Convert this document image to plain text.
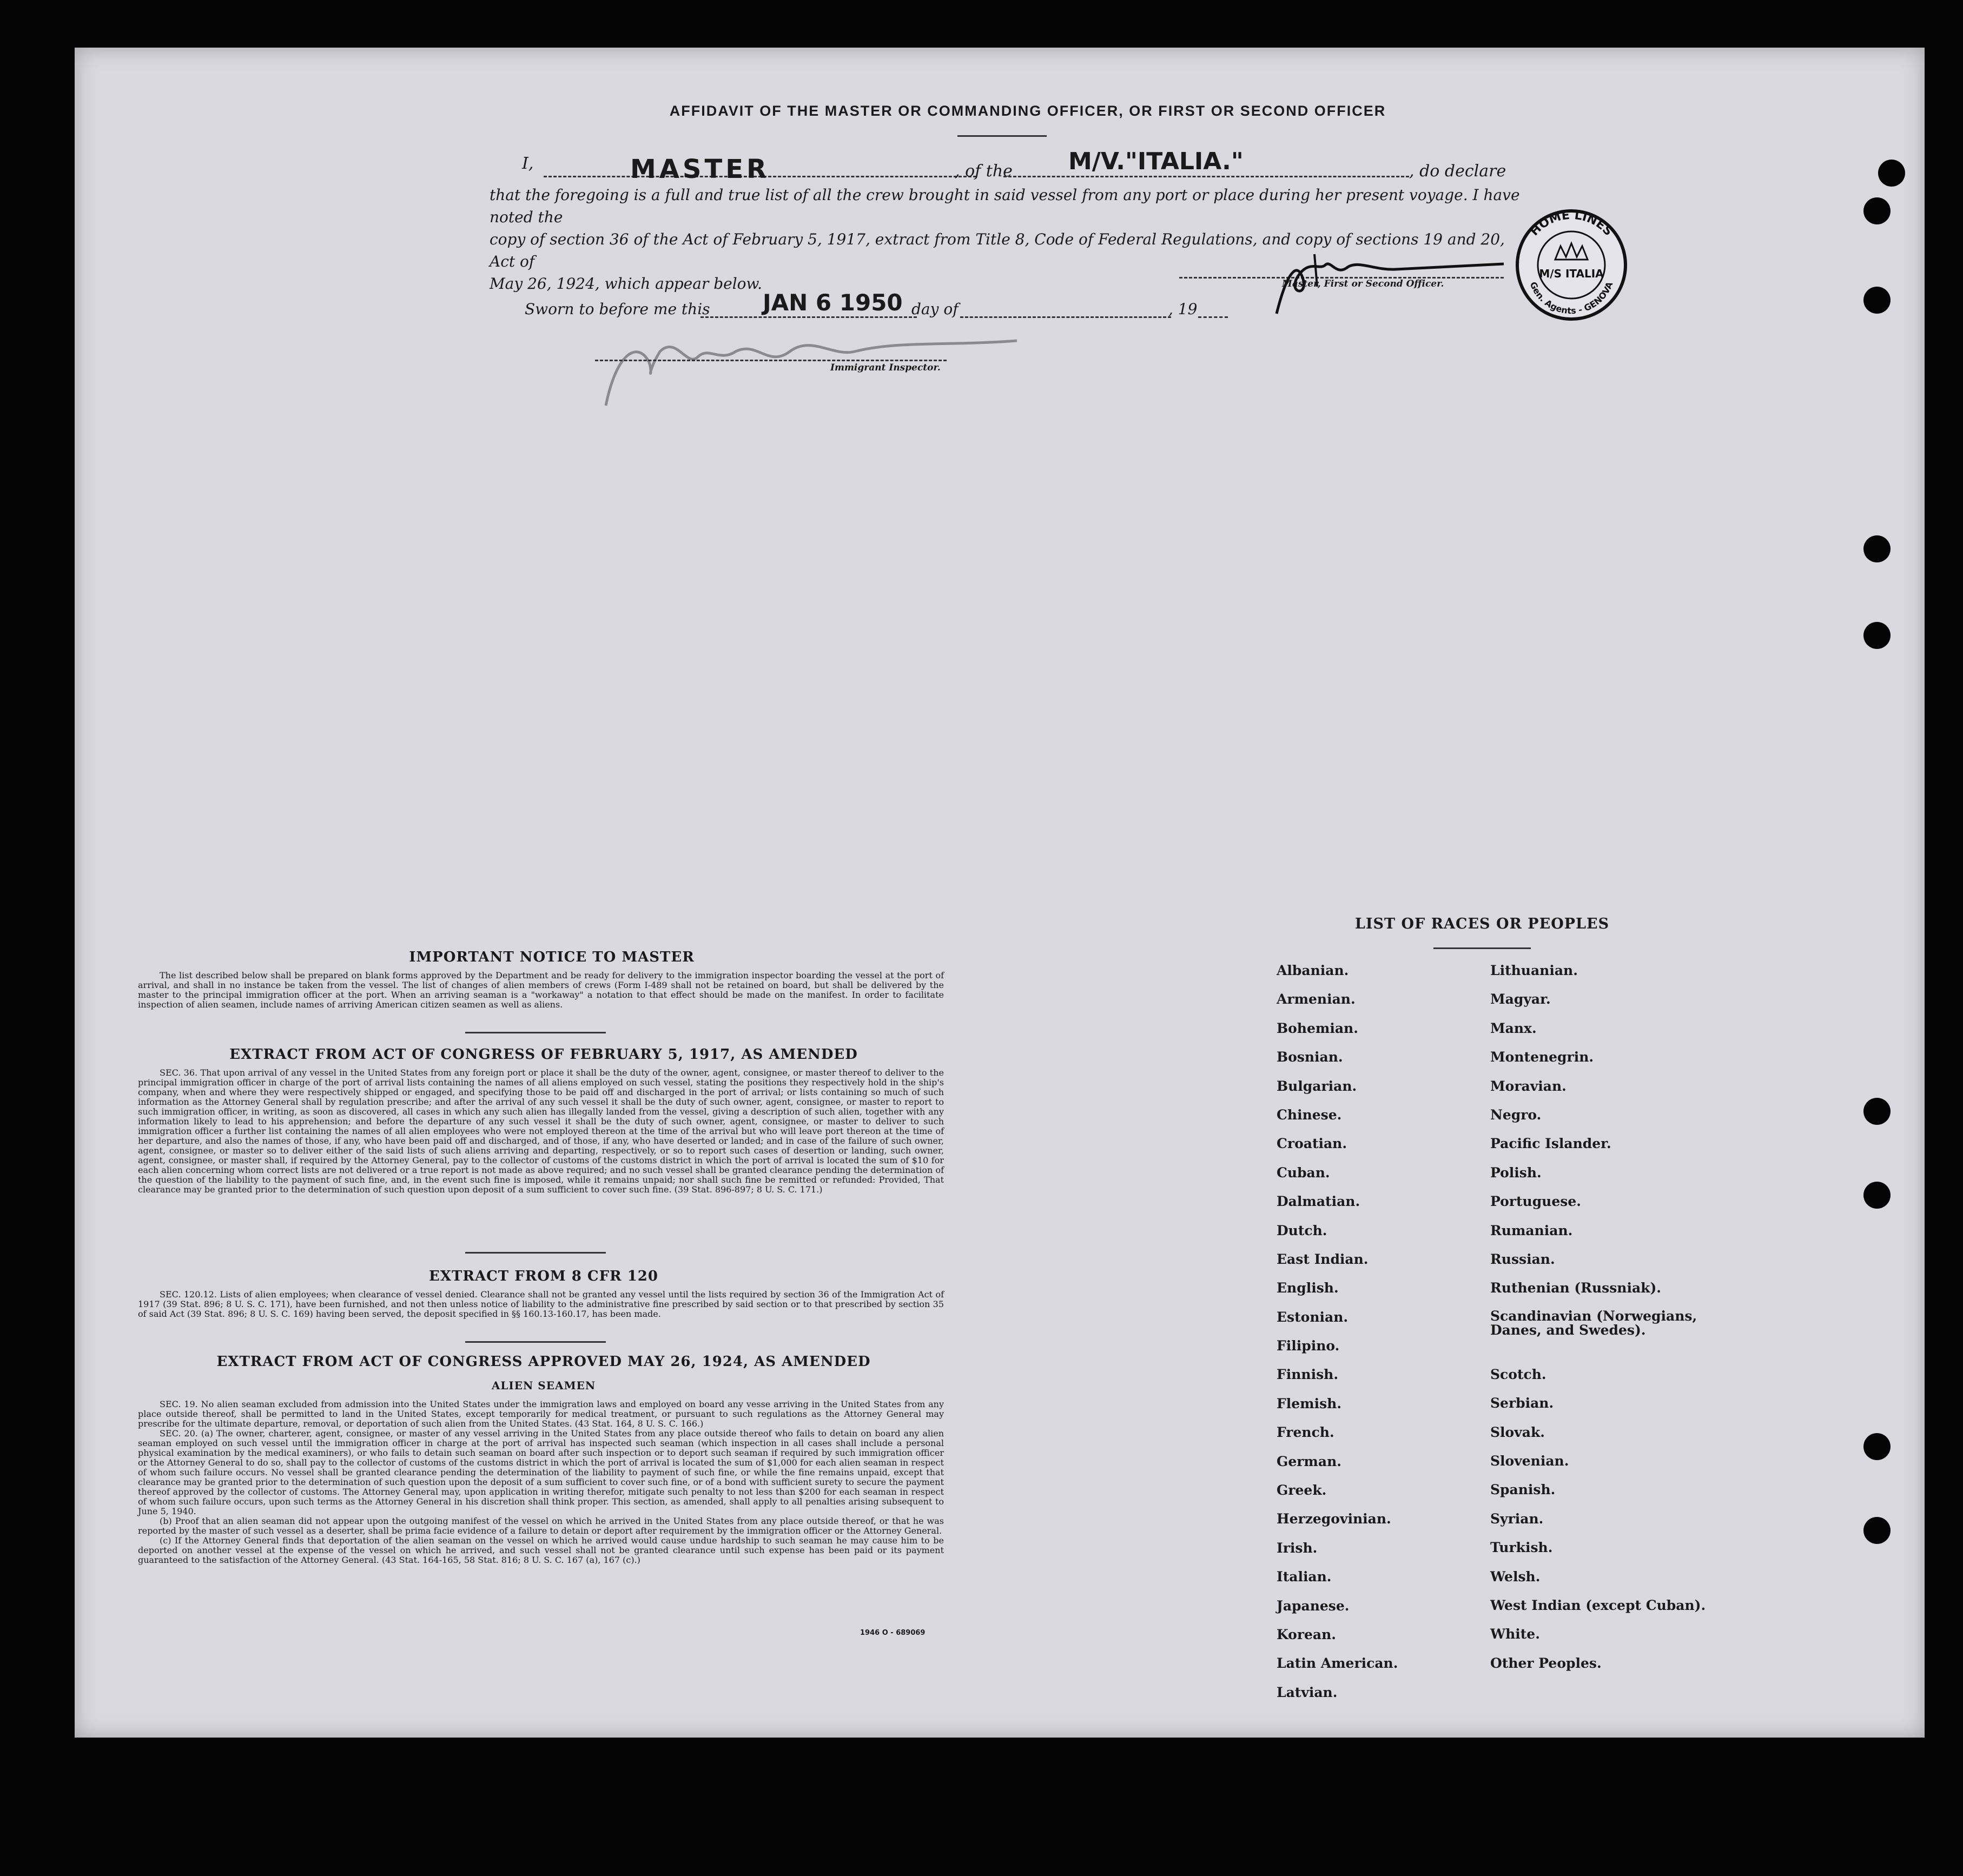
AFFIDAVIT OF THE MASTER OR COMMANDING OFFICER, OR FIRST OR SECOND OFFICER
I,	MASTER	, of the M/V."ITALIA."	, do declare
that the foregoing is a full and true list of all the crew brought in said vessel from any port or place during her present voyage. I have noted the
copy of section 36 of the Act of February 5, 1917, extract from Title 8, Code of Federal Regulations, and copy of sections 19 and 20, Act of
May 26, 1924, which appear below.	Master, First or Second Officer.
HOME LINES
Gen. Agents - GENOVA
M/S ITALIA
Sworn to before me this JAN 6 1950 day of	, 19
Immigrant Inspector.
IMPORTANT NOTICE TO MASTER

The list described below shall be prepared on blank forms approved by the Department and be ready for delivery to the immigration inspector boarding the vessel at the port of arrival, and shall in no instance be taken from the vessel. The list of changes of alien members of crews (Form I-489 shall not be retained on board, but shall be delivered by the master to the principal immigration officer at the port. When an arriving seaman is a "workaway" a notation to that effect should be made on the manifest. In order to facilitate inspection of alien seamen, include names of arriving American citizen seamen as well as aliens.

EXTRACT FROM ACT OF CONGRESS OF FEBRUARY 5, 1917, AS AMENDED

SEC. 36. That upon arrival of any vessel in the United States from any foreign port or place it shall be the duty of the owner, agent, consignee, or master thereof to deliver to the principal immigration officer in charge of the port of arrival lists containing the names of all aliens employed on such vessel, stating the positions they respectively hold in the ship's company, when and where they were respectively shipped or engaged, and specifying those to be paid off and discharged in the port of arrival; or lists containing so much of such information as the Attorney General shall by regulation prescribe; and after the arrival of any such vessel it shall be the duty of such owner, agent, consignee, or master to report to such immigration officer, in writing, as soon as discovered, all cases in which any such alien has illegally landed from the vessel, giving a description of such alien, together with any information likely to lead to his apprehension; and before the departure of any such vessel it shall be the duty of such owner, agent, consignee, or master to deliver to such immigration officer a further list containing the names of all alien employees who were not employed thereon at the time of the arrival but who will leave port thereon at the time of her departure, and also the names of those, if any, who have been paid off and discharged, and of those, if any, who have deserted or landed; and in case of the failure of such owner, agent, consignee, or master so to deliver either of the said lists of such aliens arriving and departing, respectively, or so to report such cases of desertion or landing, such owner, agent, consignee, or master shall, if required by the Attorney General, pay to the collector of customs of the customs district in which the port of arrival is located the sum of $10 for each alien concerning whom correct lists are not delivered or a true report is not made as above required; and no such vessel shall be granted clearance pending the determination of the question of the liability to the payment of such fine, and, in the event such fine is imposed, while it remains unpaid; nor shall such fine be remitted or refunded: Provided, That clearance may be granted prior to the determination of such question upon deposit of a sum sufficient to cover such fine. (39 Stat. 896-897; 8 U. S. C. 171.)

EXTRACT FROM 8 CFR 120

SEC. 120.12. Lists of alien employees; when clearance of vessel denied. Clearance shall not be granted any vessel until the lists required by section 36 of the Immigration Act of 1917 (39 Stat. 896; 8 U. S. C. 171), have been furnished, and not then unless notice of liability to the administrative fine prescribed by said section or to that prescribed by section 35 of said Act (39 Stat. 896; 8 U. S. C. 169) having been served, the deposit specified in §§ 160.13-160.17, has been made.

EXTRACT FROM ACT OF CONGRESS APPROVED MAY 26, 1924, AS AMENDED
ALIEN SEAMEN

SEC. 19. No alien seaman excluded from admission into the United States under the immigration laws and employed on board any vesse arriving in the United States from any place outside thereof, shall be permitted to land in the United States, except temporarily for medical treatment, or pursuant to such regulations as the Attorney General may prescribe for the ultimate departure, removal, or deportation of such alien from the United States. (43 Stat. 164, 8 U. S. C. 166.)

SEC. 20. (a) The owner, charterer, agent, consignee, or master of any vessel arriving in the United States from any place outside thereof who fails to detain on board any alien seaman employed on such vessel until the immigration officer in charge at the port of arrival has inspected such seaman (which inspection in all cases shall include a personal physical examination by the medical examiners), or who fails to detain such seaman on board after such inspection or to deport such seaman if required by such immigration officer or the Attorney General to do so, shall pay to the collector of customs of the customs district in which the port of arrival is located the sum of $1,000 for each alien seaman in respect of whom such failure occurs. No vessel shall be granted clearance pending the determination of the liability to payment of such fine, or while the fine remains unpaid, except that clearance may be granted prior to the determination of such question upon the deposit of a sum sufficient to cover such fine, or of a bond with sufficient surety to secure the payment thereof approved by the collector of customs. The Attorney General may, upon application in writing therefor, mitigate such penalty to not less than $200 for each seaman in respect of whom such failure occurs, upon such terms as the Attorney General in his discretion shall think proper. This section, as amended, shall apply to all penalties arising subsequent to June 5, 1940.

(b) Proof that an alien seaman did not appear upon the outgoing manifest of the vessel on which he arrived in the United States from any place outside thereof, or that he was reported by the master of such vessel as a deserter, shall be prima facie evidence of a failure to detain or deport after requirement by the immigration officer or the Attorney General.

(c) If the Attorney General finds that deportation of the alien seaman on the vessel on which he arrived would cause undue hardship to such seaman he may cause him to be deported on another vessel at the expense of the vessel on which he arrived, and such vessel shall not be granted clearance until such expense has been paid or its payment guaranteed to the satisfaction of the Attorney General. (43 Stat. 164-165, 58 Stat. 816; 8 U. S. C. 167 (a), 167 (c).)

1946 O - 689069
LIST OF RACES OR PEOPLES
Albanian.
Armenian.
Bohemian.
Bosnian.
Bulgarian.
Chinese.
Croatian.
Cuban.
Dalmatian.
Dutch.
East Indian.
English.
Estonian.
Filipino.
Finnish.
Flemish.
French.
German.
Greek.
Herzegovinian.
Irish.
Italian.
Japanese.
Korean.
Latin American.
Latvian.
Lithuanian.
Magyar.
Manx.
Montenegrin.
Moravian.
Negro.
Pacific Islander.
Polish.
Portuguese.
Rumanian.
Russian.
Ruthenian (Russniak).
Scandinavian (Norwegians, Danes, and Swedes).
Scotch.
Serbian.
Slovak.
Slovenian.
Spanish.
Syrian.
Turkish.
Welsh.
West Indian (except Cuban).
White.
Other Peoples.
